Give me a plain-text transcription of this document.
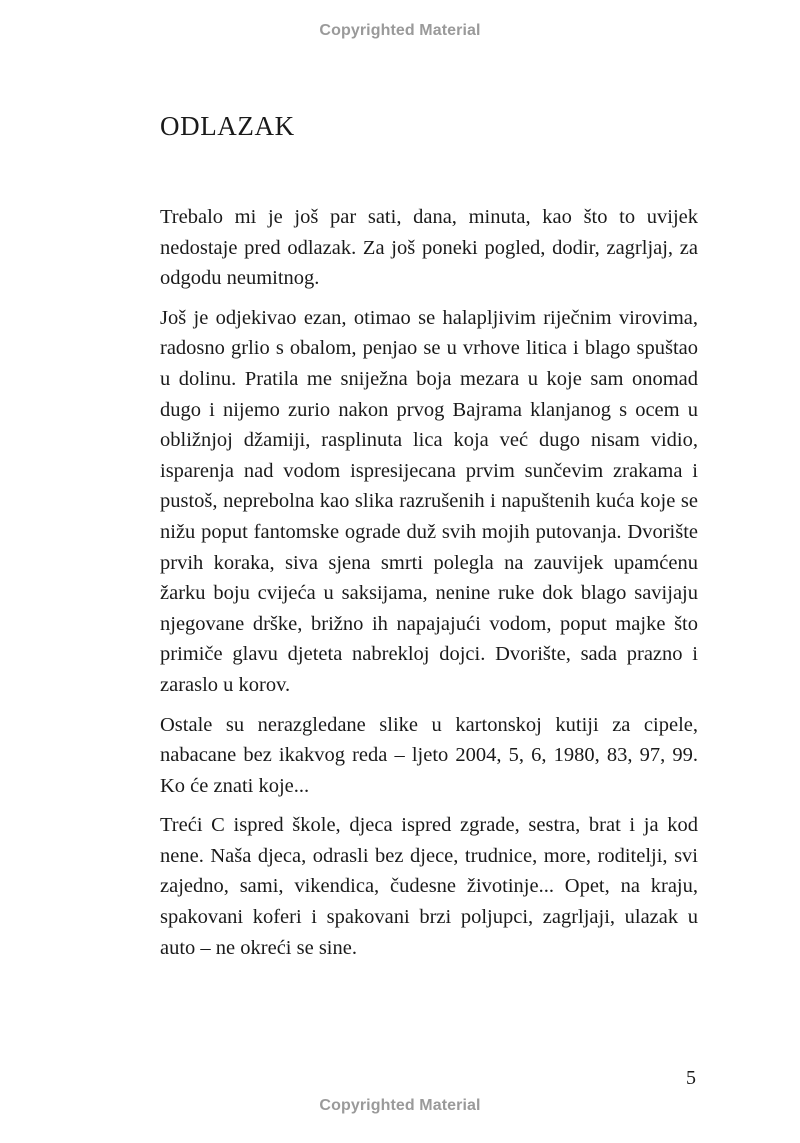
Copyrighted Material
ODLAZAK

Trebalo mi je još par sati, dana, minuta, kao što to uvijek nedostaje pred odlazak. Za još poneki pogled, dodir, zagrljaj, za odgodu neumitnog.

Još je odjekivao ezan, otimao se halapljivim riječnim virovima, radosno grlio s obalom, penjao se u vrhove litica i blago spuštao u dolinu. Pratila me sniježna boja mezara u koje sam onomad dugo i nijemo zurio nakon prvog Bajrama klanjanog s ocem u obližnjoj džamiji, rasplinuta lica koja već dugo nisam vidio, isparenja nad vodom ispresijecana prvim sunčevim zrakama i pustoš, neprebolna kao slika razrušenih i napuštenih kuća koje se nižu poput fantomske ograde duž svih mojih putovanja. Dvorište prvih koraka, siva sjena smrti polegla na zauvijek upamćenu žarku boju cvijeća u saksijama, nenine ruke dok blago savijaju njegovane drške, brižno ih napajajući vodom, poput majke što primiče glavu djeteta nabrekloj dojci. Dvorište, sada prazno i zaraslo u korov.

Ostale su nerazgledane slike u kartonskoj kutiji za cipele, nabacane bez ikakvog reda – ljeto 2004, 5, 6, 1980, 83, 97, 99. Ko će znati koje...

Treći C ispred škole, djeca ispred zgrade, sestra, brat i ja kod nene. Naša djeca, odrasli bez djece, trudnice, more, roditelji, svi zajedno, sami, vikendica, čudesne životinje... Opet, na kraju, spakovani koferi i spakovani brzi poljupci, zagrljaji, ulazak u auto – ne okreći se sine.

5
Copyrighted Material
